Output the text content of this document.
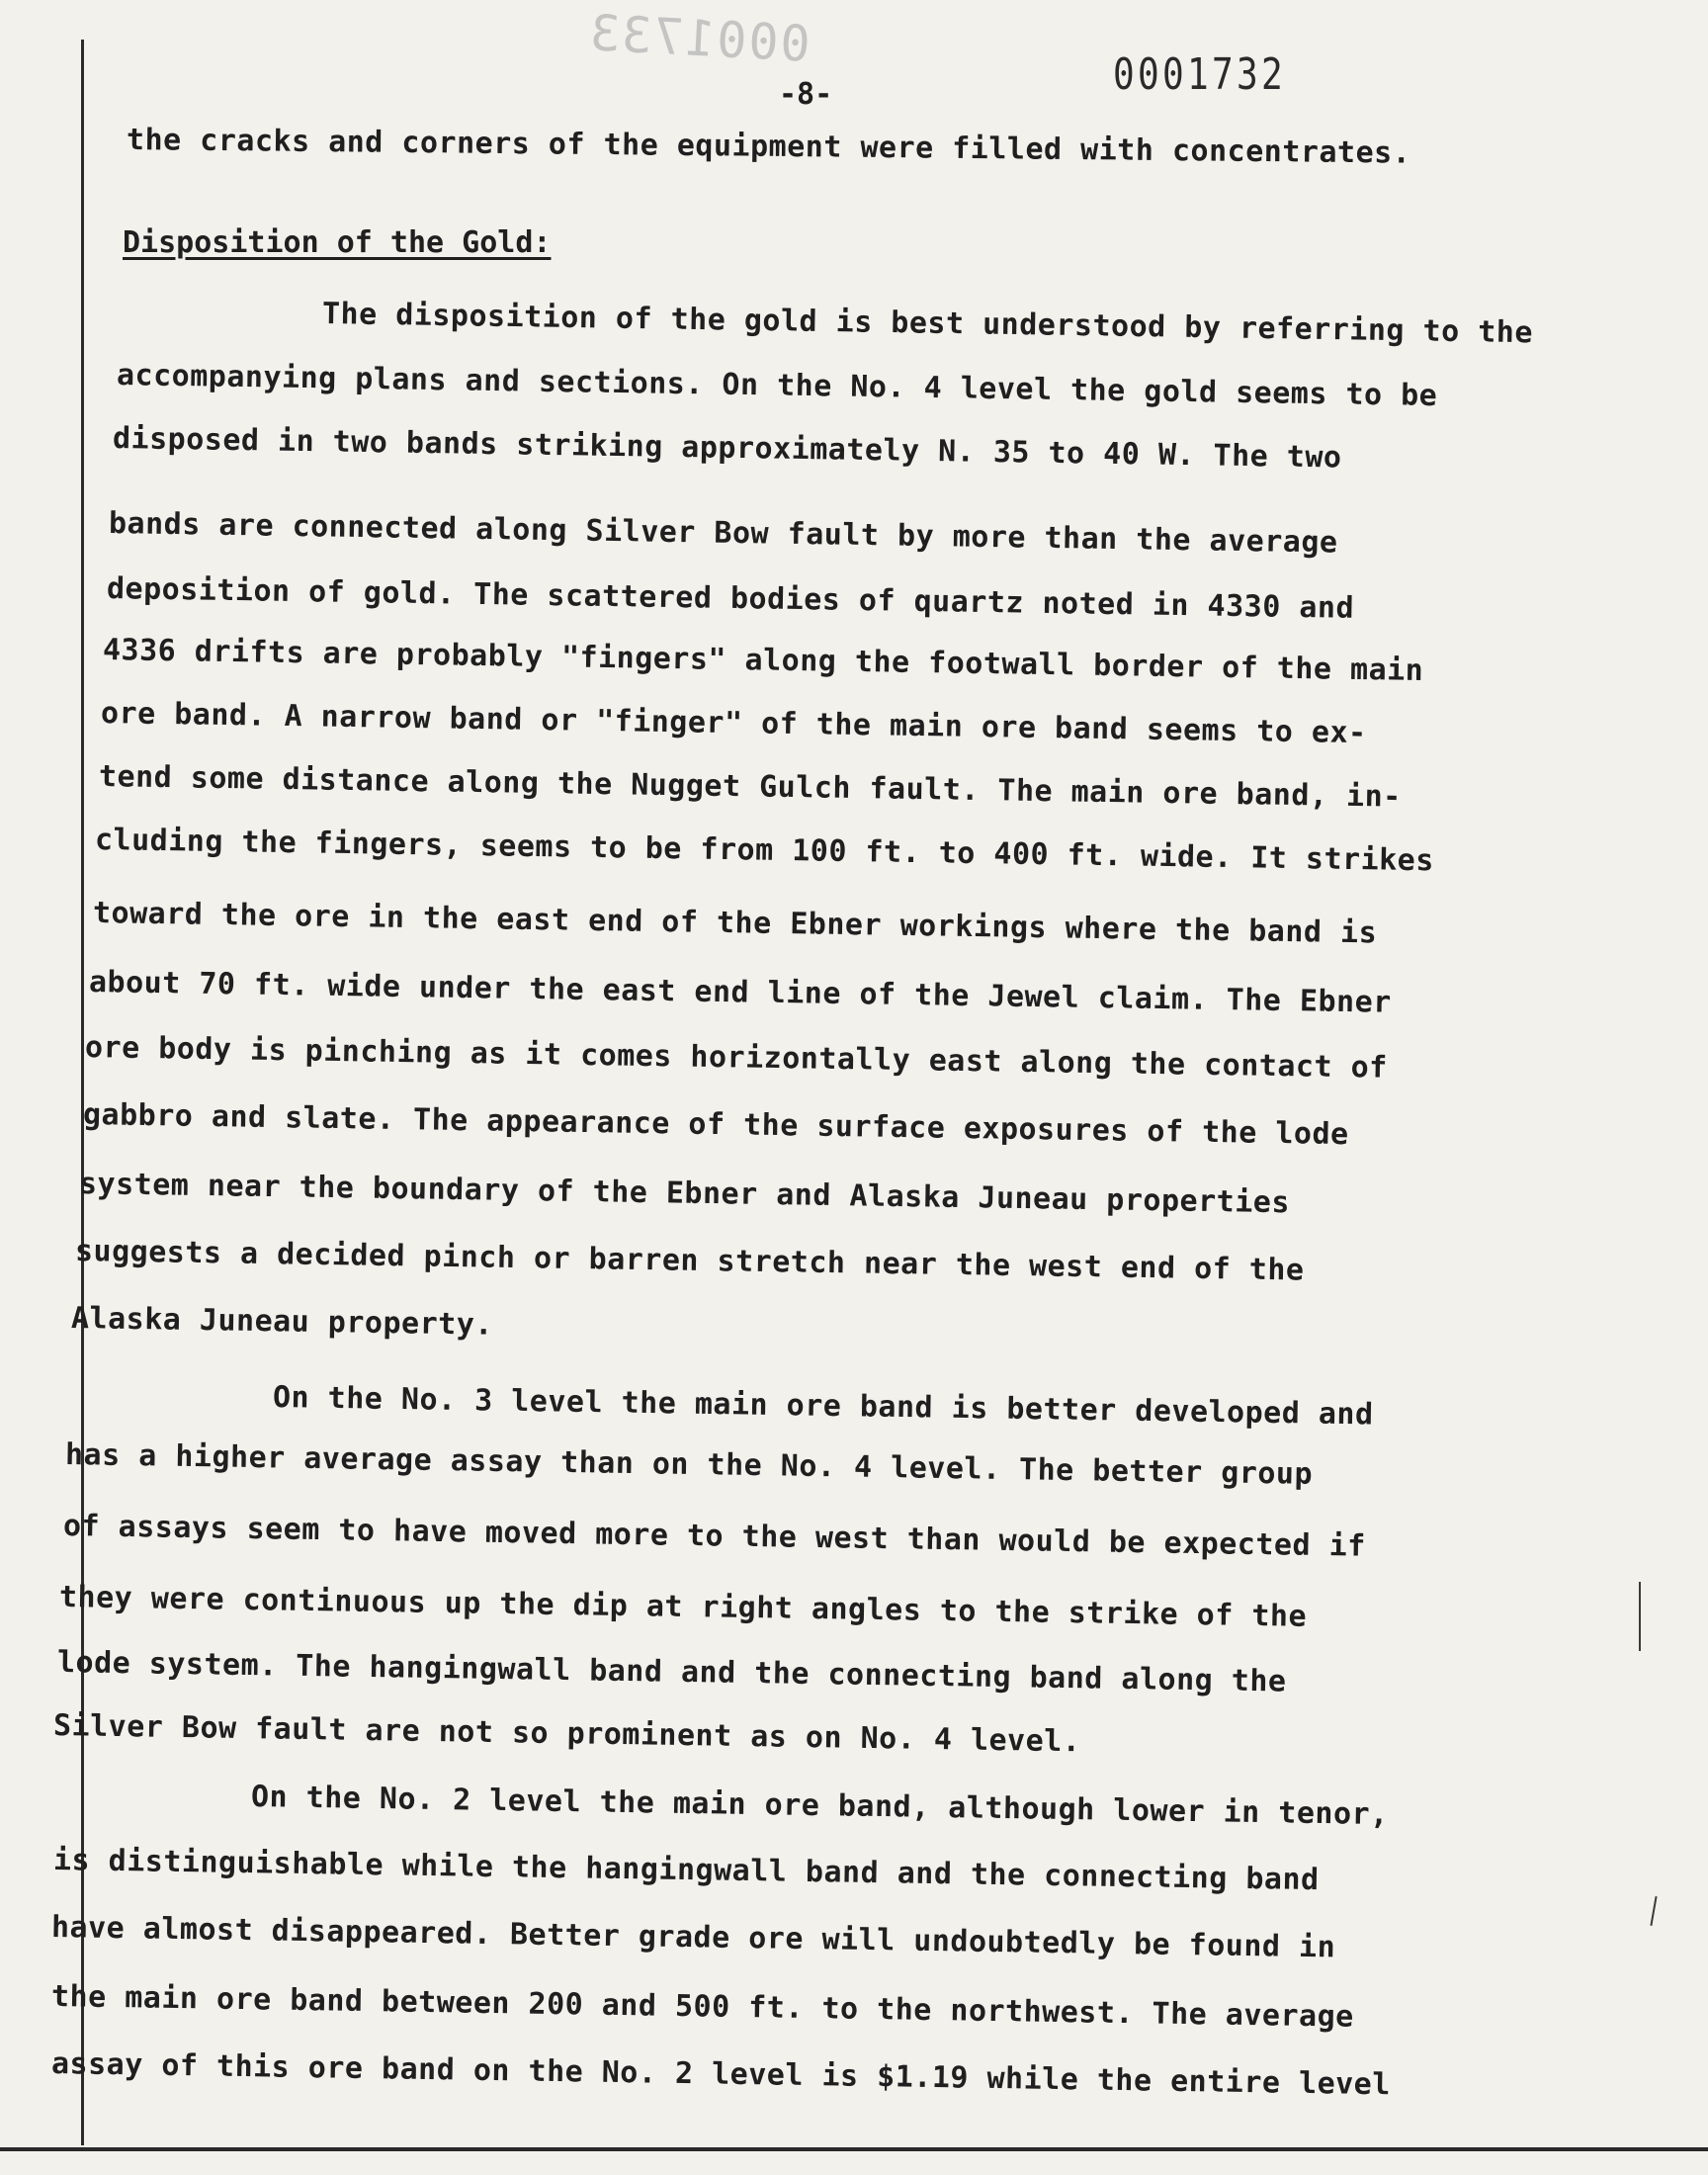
0001733
-8-	0001732
Disposition of the Gold:
the cracks and corners of the equipment were filled with concentrates.
The disposition of the gold is best understood by referring to the
accompanying plans and sections. On the No. 4 level the gold seems to be
disposed in two bands striking approximately N. 35 to 40 W. The two
bands are connected along Silver Bow fault by more than the average
deposition of gold. The scattered bodies of quartz noted in 4330 and
4336 drifts are probably "fingers" along the footwall border of the main
ore band. A narrow band or "finger" of the main ore band seems to ex-
tend some distance along the Nugget Gulch fault. The main ore band, in-
cluding the fingers, seems to be from 100 ft. to 400 ft. wide. It strikes
toward the ore in the east end of the Ebner workings where the band is
about 70 ft. wide under the east end line of the Jewel claim. The Ebner
ore body is pinching as it comes horizontally east along the contact of
gabbro and slate. The appearance of the surface exposures of the lode
system near the boundary of the Ebner and Alaska Juneau properties
suggests a decided pinch or barren stretch near the west end of the
Alaska Juneau property.
On the No. 3 level the main ore band is better developed and
has a higher average assay than on the No. 4 level. The better group
of assays seem to have moved more to the west than would be expected if
they were continuous up the dip at right angles to the strike of the
lode system. The hangingwall band and the connecting band along the
Silver Bow fault are not so prominent as on No. 4 level.
On the No. 2 level the main ore band, although lower in tenor,
is distinguishable while the hangingwall band and the connecting band
have almost disappeared. Better grade ore will undoubtedly be found in
the main ore band between 200 and 500 ft. to the northwest. The average
assay of this ore band on the No. 2 level is $1.19 while the entire level
